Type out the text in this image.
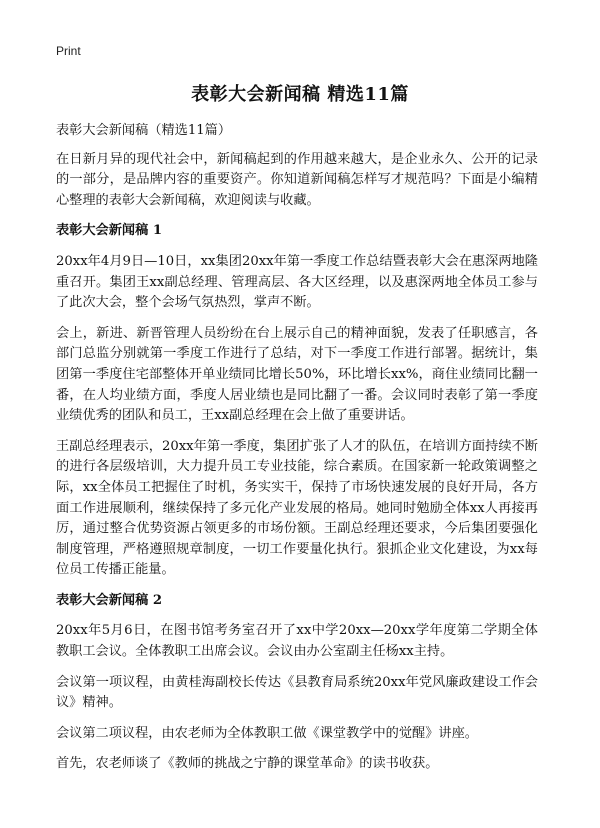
Print
表彰大会新闻稿 精选11篇

表彰大会新闻稿（精选11篇）

在日新月异的现代社会中，新闻稿起到的作用越来越大，是企业永久、公开的记录的一部分，是品牌内容的重要资产。你知道新闻稿怎样写才规范吗？下面是小编精心整理的表彰大会新闻稿，欢迎阅读与收藏。

表彰大会新闻稿 1

20xx年4月9日—10日，xx集团20xx年第一季度工作总结暨表彰大会在惠深两地隆重召开。集团王xx副总经理、管理高层、各大区经理，以及惠深两地全体员工参与了此次大会，整个会场气氛热烈，掌声不断。

会上，新进、新晋管理人员纷纷在台上展示自己的精神面貌，发表了任职感言，各部门总监分别就第一季度工作进行了总结，对下一季度工作进行部署。据统计，集团第一季度住宅部整体开单业绩同比增长50%，环比增长xx%，商住业绩同比翻一番，在人均业绩方面，季度人居业绩也是同比翻了一番。会议同时表彰了第一季度业绩优秀的团队和员工，王xx副总经理在会上做了重要讲话。

王副总经理表示，20xx年第一季度，集团扩张了人才的队伍，在培训方面持续不断的进行各层级培训，大力提升员工专业技能，综合素质。在国家新一轮政策调整之际，xx全体员工把握住了时机，务实实干，保持了市场快速发展的良好开局，各方面工作进展顺利，继续保持了多元化产业发展的格局。她同时勉励全体xx人再接再厉，通过整合优势资源占领更多的市场份额。王副总经理还要求，今后集团要强化制度管理，严格遵照规章制度，一切工作要量化执行。狠抓企业文化建设，为xx每位员工传播正能量。

表彰大会新闻稿 2

20xx年5月6日，在图书馆考务室召开了xx中学20xx—20xx学年度第二学期全体教职工会议。全体教职工出席会议。会议由办公室副主任杨xx主持。

会议第一项议程，由黄桂海副校长传达《县教育局系统20xx年党风廉政建设工作会议》精神。

会议第二项议程，由农老师为全体教职工做《课堂教学中的觉醒》讲座。

首先，农老师谈了《教师的挑战之宁静的课堂革命》的读书收获。
